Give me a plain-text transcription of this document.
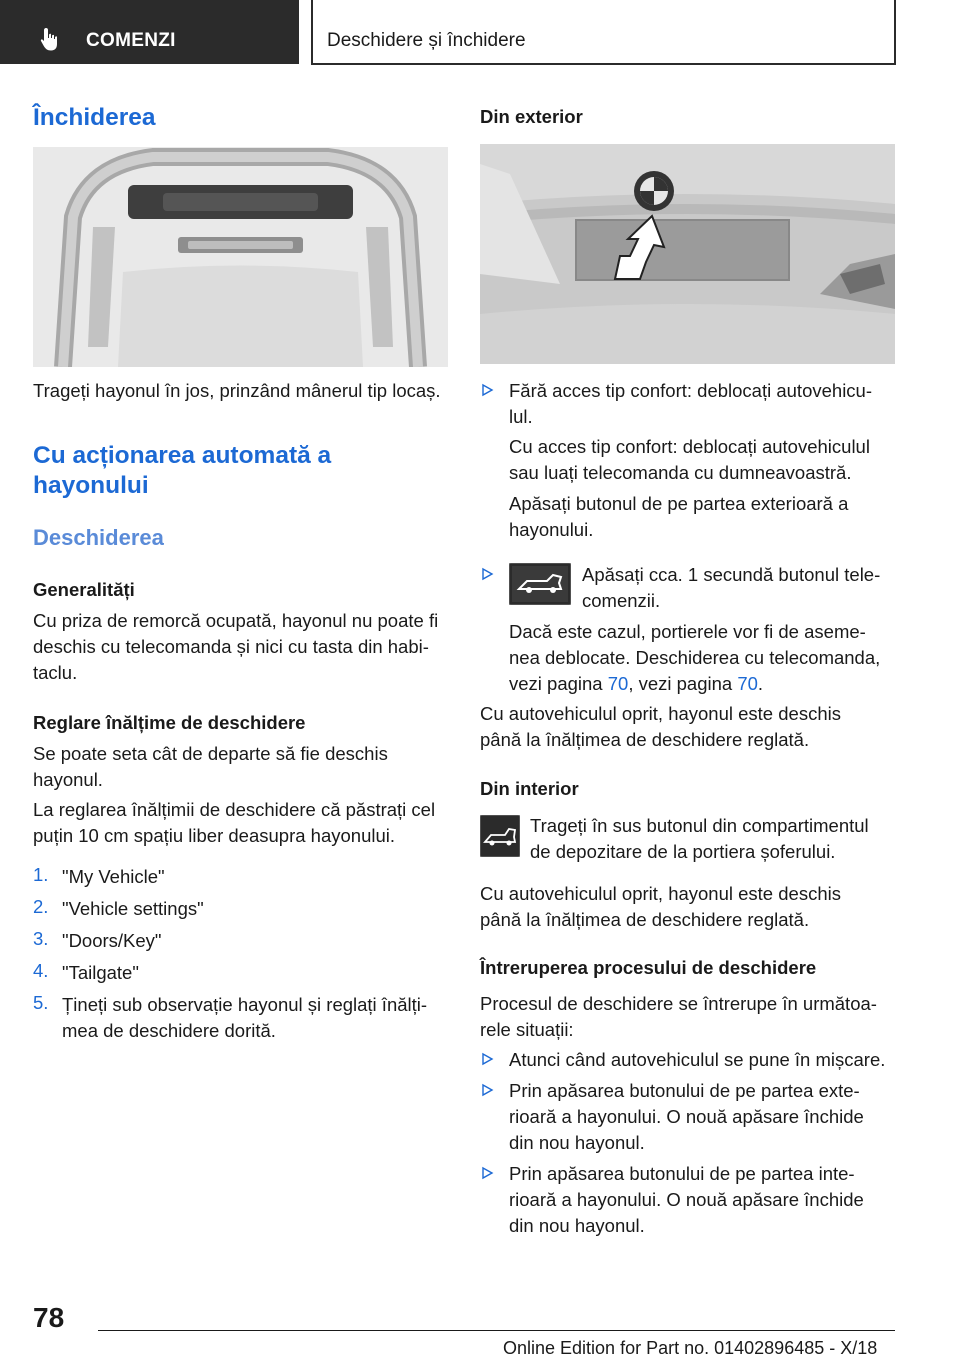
COMENZI	Deschidere și închidere
Închiderea
Trageți hayonul în jos, prinzând mânerul tip locaș.
Cu acționarea automată a
hayonului
Deschiderea
Generalități
Cu priza de remorcă ocupată, hayonul nu poate fi
deschis cu telecomanda și nici cu tasta din habi-
taclu.
Reglare înălțime de deschidere
Se poate seta cât de departe să fie deschis
hayonul.
La reglarea înălțimii de deschidere că păstrați cel
puțin 10 cm spațiu liber deasupra hayonului.
1. "My Vehicle"
2. "Vehicle settings"
3. "Doors/Key"
4. "Tailgate"
5. Țineți sub observație hayonul și reglați înălți-
mea de deschidere dorită.
Din exterior
Fără acces tip confort: deblocați autovehicu-
lul.
Cu acces tip confort: deblocați autovehiculul
sau luați telecomanda cu dumneavoastră.
Apăsați butonul de pe partea exterioară a
hayonului.
Apăsați cca. 1 secundă butonul tele-
comenzii.
Dacă este cazul, portierele vor fi de aseme-
nea deblocate. Deschiderea cu telecomanda,
vezi pagina 70, vezi pagina 70.
Cu autovehiculul oprit, hayonul este deschis
până la înălțimea de deschidere reglată.
Din interior
Trageți în sus butonul din compartimentul
de depozitare de la portiera șoferului.
Cu autovehiculul oprit, hayonul este deschis
până la înălțimea de deschidere reglată.
Întreruperea procesului de deschidere
Procesul de deschidere se întrerupe în următoa-
rele situații:
Atunci când autovehiculul se pune în mișcare.
Prin apăsarea butonului de pe partea exte-
rioară a hayonului. O nouă apăsare închide
din nou hayonul.
Prin apăsarea butonului de pe partea inte-
rioară a hayonului. O nouă apăsare închide
din nou hayonul.
78
Online Edition for Part no. 01402896485 - X/18
